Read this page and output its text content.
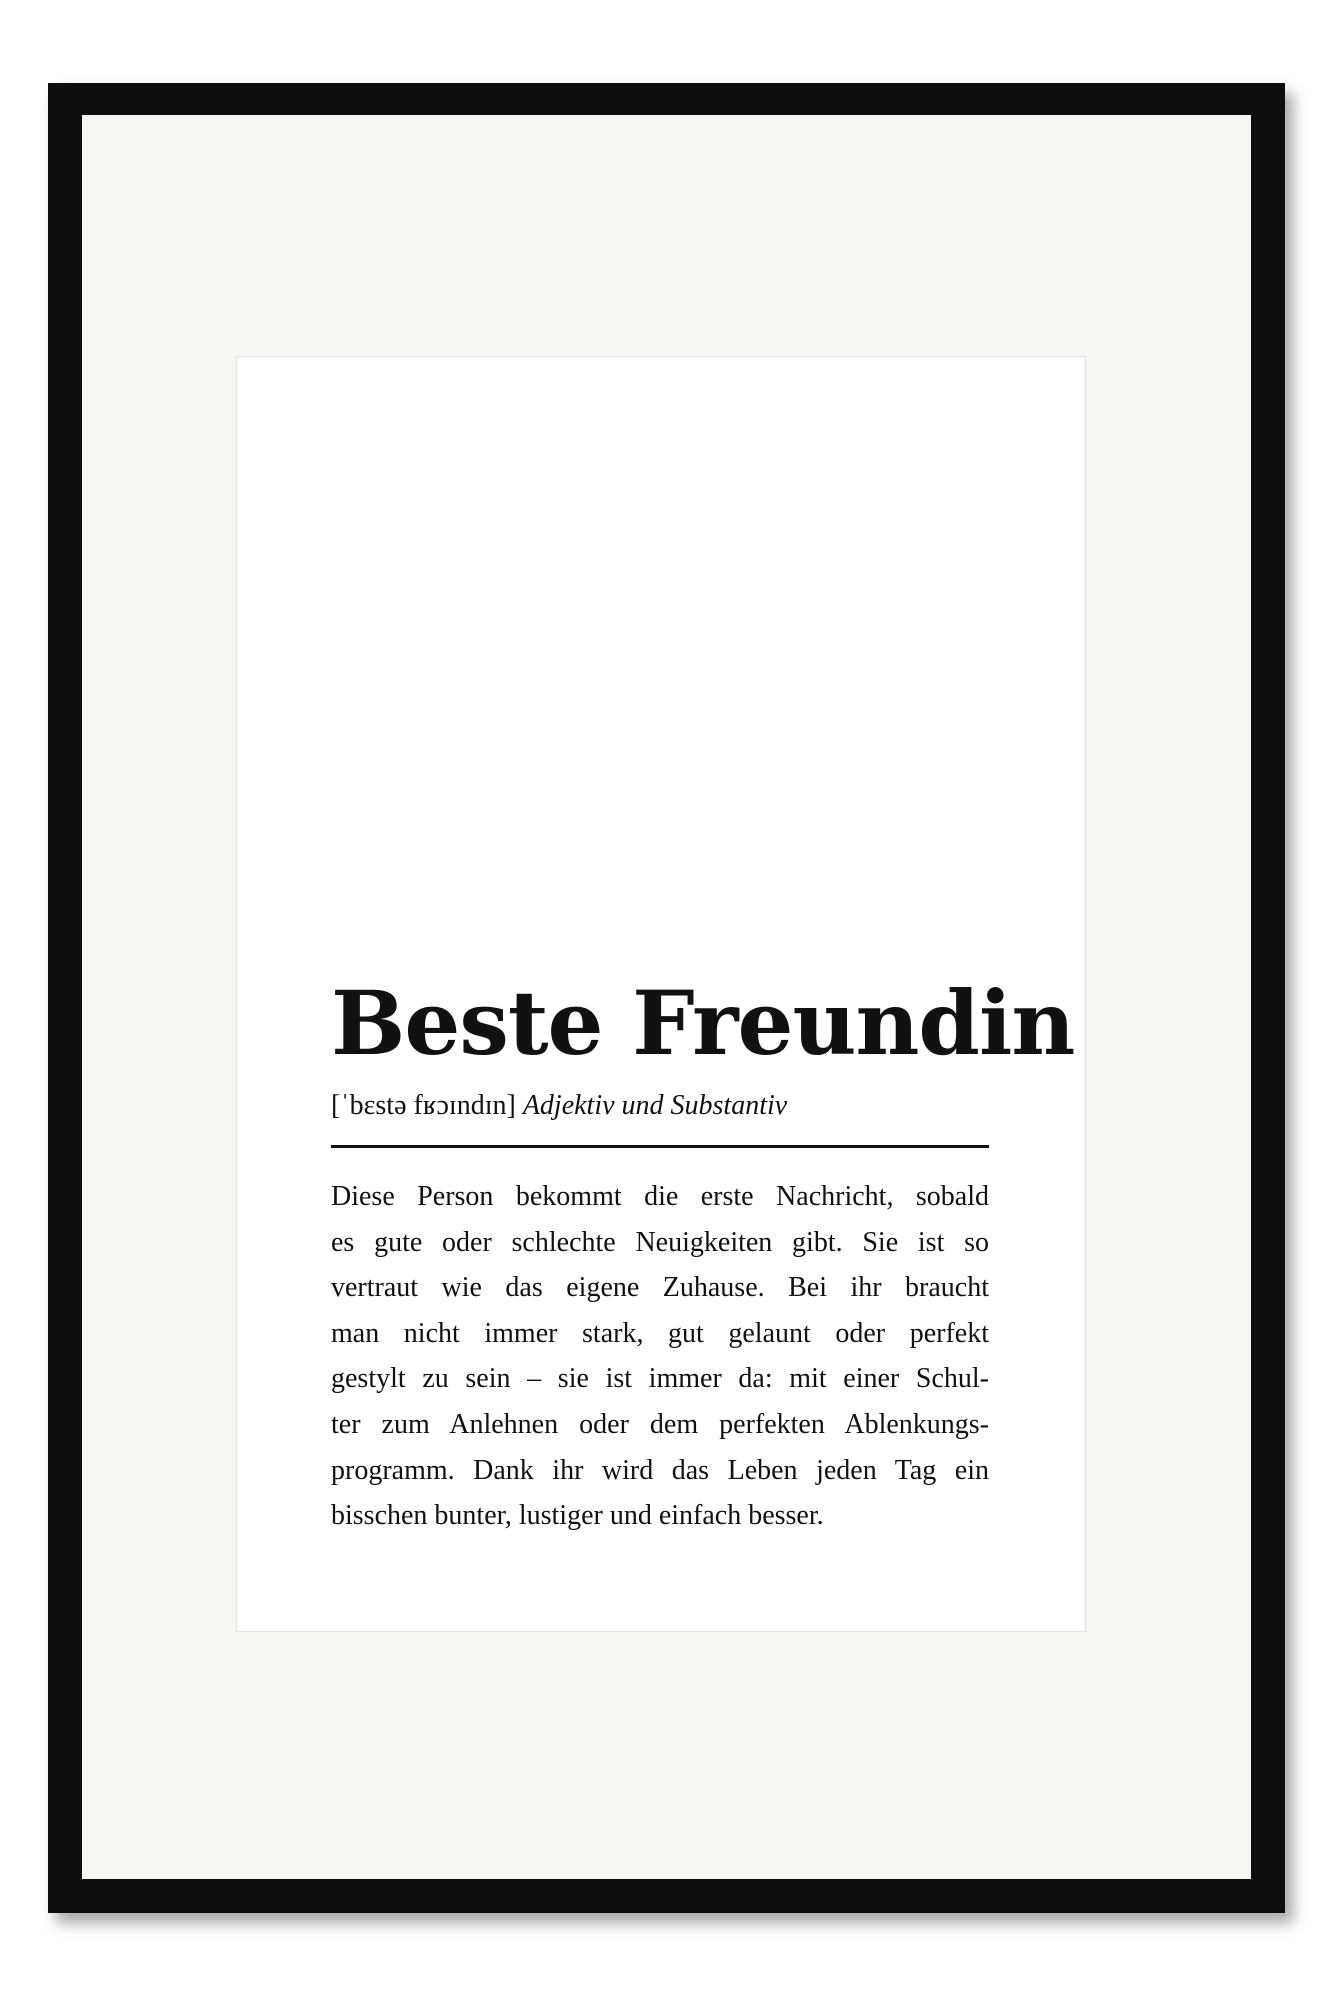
Beste Freundin
[ˈbɛstə fʁɔɪndɪn] Adjektiv und Substantiv
Diese Person bekommt die erste Nachricht, sobald
es gute oder schlechte Neuigkeiten gibt. Sie ist so
vertraut wie das eigene Zuhause. Bei ihr braucht
man nicht immer stark, gut gelaunt oder perfekt
gestylt zu sein – sie ist immer da: mit einer Schul-
ter zum Anlehnen oder dem perfekten Ablenkungs-
programm. Dank ihr wird das Leben jeden Tag ein
bisschen bunter, lustiger und einfach besser.
